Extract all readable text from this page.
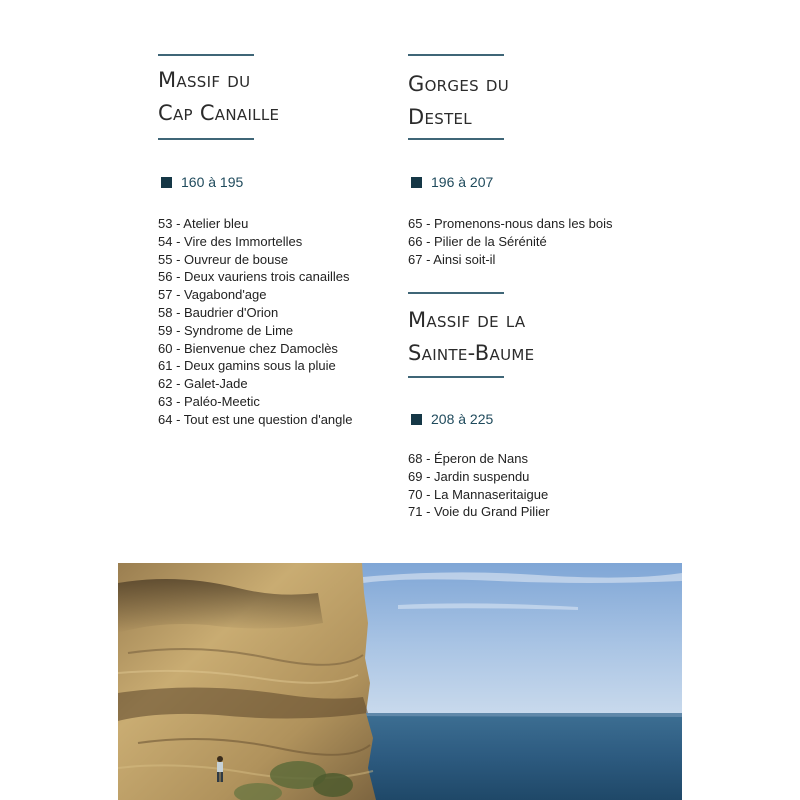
Massif du
Cap Canaille
160 à 195
53 - Atelier bleu
54 - Vire des Immortelles
55 - Ouvreur de bouse
56 - Deux vauriens trois canailles
57 - Vagabond'age
58 - Baudrier d'Orion
59 - Syndrome de Lime
60 - Bienvenue chez Damoclès
61 - Deux gamins sous la pluie
62 - Galet-Jade
63 - Paléo-Meetic
64 - Tout est une question d'angle
Gorges du
Destel
196 à 207
65 - Promenons-nous dans les bois
66 - Pilier de la Sérénité
67 - Ainsi soit-il
Massif de la
Sainte-Baume
208 à 225
68 - Éperon de Nans
69 - Jardin suspendu
70 - La Mannaseritaigue
71 - Voie du Grand Pilier
